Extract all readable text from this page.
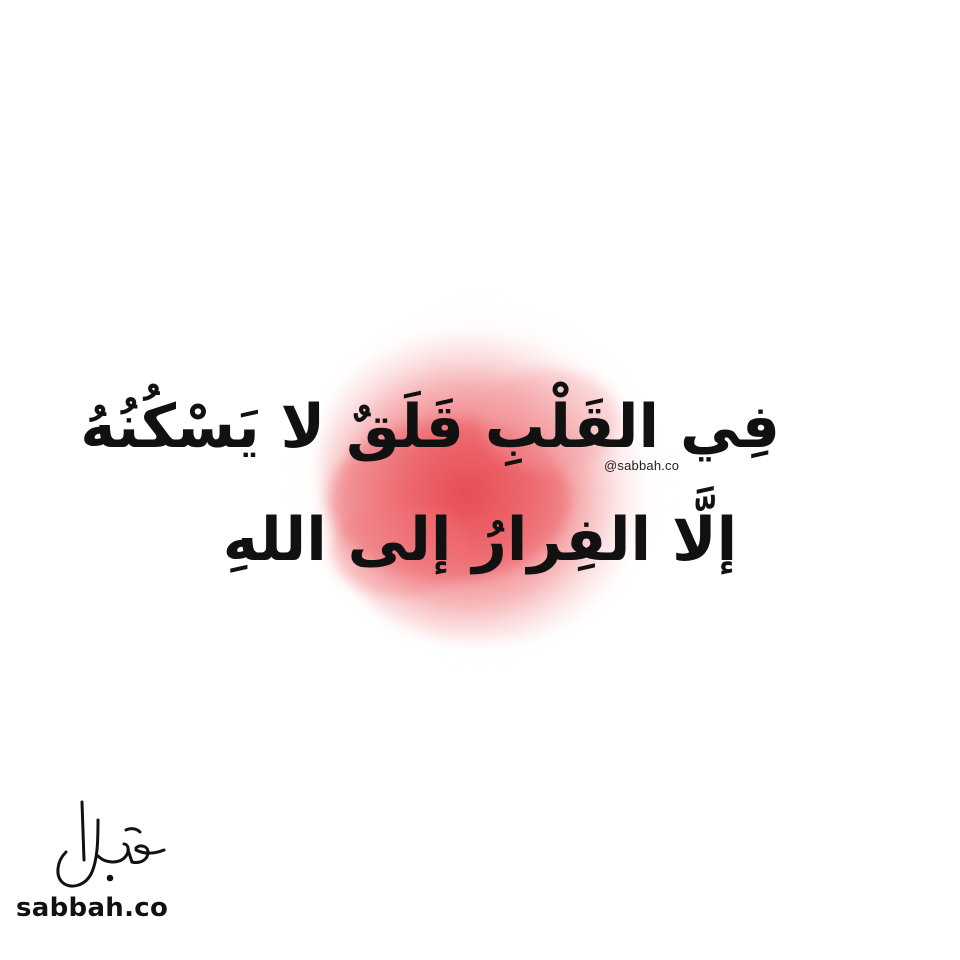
فِي القَلْبِ قَلَقٌ لا يَسْكُنُهُ
إلَّا الفِرارُ إلى اللهِ
@sabbah.co
sabbah.co
